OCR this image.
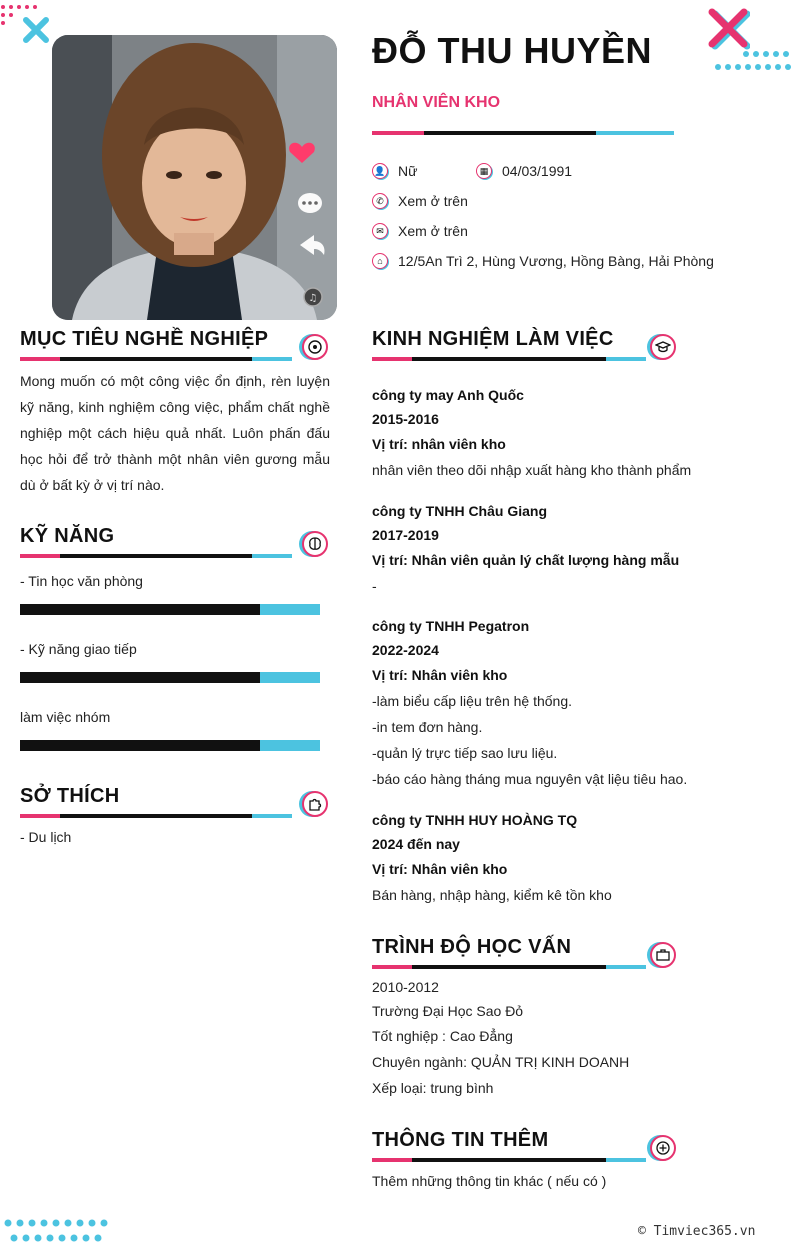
♫
ĐỖ THU HUYỀN
NHÂN VIÊN KHO
👤 Nữ	▦ 04/03/1991
✆	Xem ở trên
✉	Xem ở trên
⌂	12/5An Trì 2, Hùng Vương, Hồng Bàng, Hải Phòng
MỤC TIÊU NGHỀ NGHIỆP
Mong muốn có một công việc ổn định, rèn luyện kỹ năng, kinh nghiệm công việc, phẩm chất nghề nghiệp một cách hiệu quả nhất. Luôn phấn đấu học hỏi để trở thành một nhân viên gương mẫu dù ở bất kỳ ở vị trí nào.
KỸ NĂNG
- Tin học văn phòng
- Kỹ năng giao tiếp
làm việc nhóm
SỞ THÍCH
- Du lịch
KINH NGHIỆM LÀM VIỆC
công ty may Anh Quốc
2015-2016
Vị trí: nhân viên kho
nhân viên theo dõi nhập xuất hàng kho thành phẩm
công ty TNHH Châu Giang
2017-2019
Vị trí: Nhân viên quản lý chất lượng hàng mẫu
-
công ty TNHH Pegatron
2022-2024
Vị trí: Nhân viên kho
-làm biểu cấp liệu trên hệ thống.
-in tem đơn hàng.
-quản lý trực tiếp sao lưu liệu.
-báo cáo hàng tháng mua nguyên vật liệu tiêu hao.
công ty TNHH HUY HOÀNG TQ
2024 đến nay
Vị trí: Nhân viên kho
Bán hàng, nhập hàng, kiểm kê tồn kho
TRÌNH ĐỘ HỌC VẤN
2010-2012
Trường Đại Học Sao Đỏ
Tốt nghiệp : Cao Đẳng
Chuyên ngành: QUẢN TRỊ KINH DOANH
Xếp loại: trung bình
THÔNG TIN THÊM
Thêm những thông tin khác ( nếu có )
© Timviec365.vn
